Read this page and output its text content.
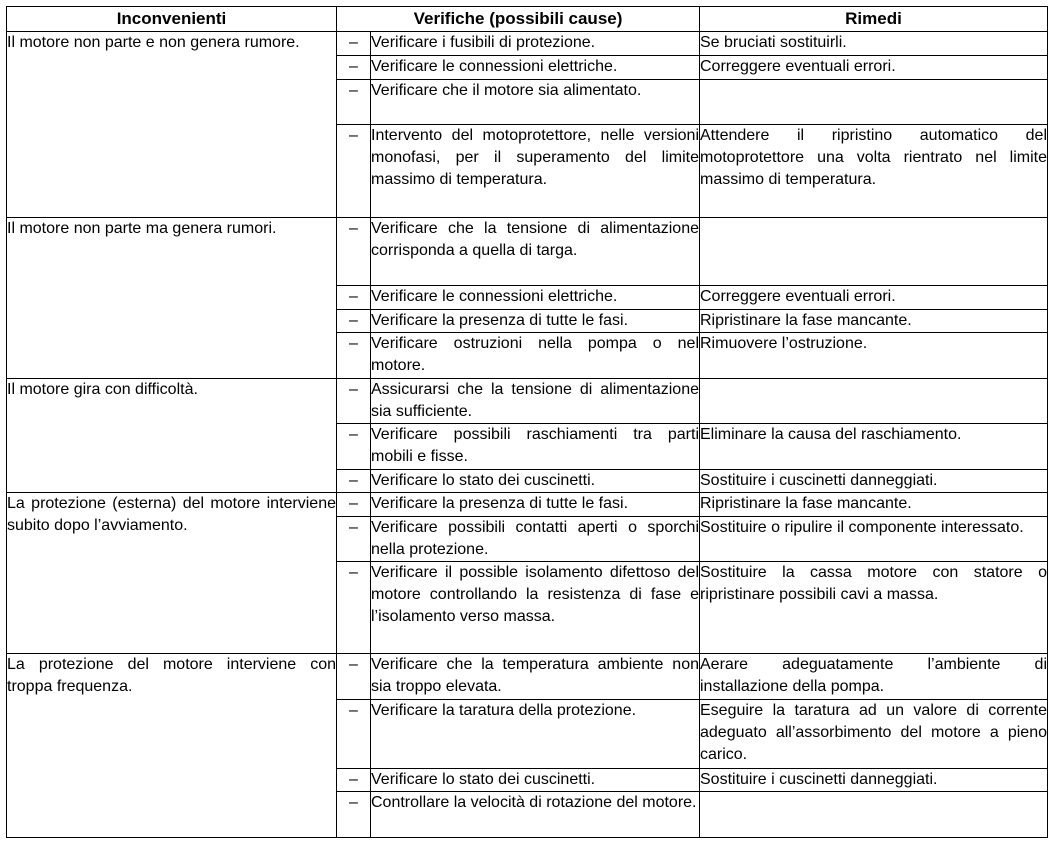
Inconvenienti	Verifiche (possibili cause)		Rimedi
Il motore non parte e non genera rumore.	–	Verificare i fusibili di protezione.	Se bruciati sostituirli.
	–	Verificare le connessioni elettriche.	Correggere eventuali errori.
	–	Verificare che il motore sia alimentato.	
	–	Intervento del motoprotettore, nelle versioni monofasi, per il superamento del limite massimo di temperatura.	Attendere il ripristino automatico del motoprotettore una volta rientrato nel limite massimo di temperatura.
Il motore non parte ma genera rumori.	–	Verificare che la tensione di alimentazione corrisponda a quella di targa.	
	–	Verificare le connessioni elettriche.	Correggere eventuali errori.
	–	Verificare la presenza di tutte le fasi.	Ripristinare la fase mancante.
	–	Verificare ostruzioni nella pompa o nel motore.	Rimuovere l’ostruzione.
Il motore gira con difficoltà.	–	Assicurarsi che la tensione di alimentazione sia sufficiente.	
	–	Verificare possibili raschiamenti tra parti mobili e fisse.	Eliminare la causa del raschiamento.
	–	Verificare lo stato dei cuscinetti.	Sostituire i cuscinetti danneggiati.
La protezione (esterna) del motore interviene subito dopo l’avviamento.	–	Verificare la presenza di tutte le fasi.	Ripristinare la fase mancante.
	–	Verificare possibili contatti aperti o sporchi nella protezione.	Sostituire o ripulire il componente interessato.
	–	Verificare il possible isolamento difettoso del motore controllando la resistenza di fase e l’isolamento verso massa.	Sostituire la cassa motore con statore o ripristinare possibili cavi a massa.
La protezione del motore interviene con troppa frequenza.	–	Verificare che la temperatura ambiente non sia troppo elevata.	Aerare adeguatamente l’ambiente di installazione della pompa.
	–	Verificare la taratura della protezione.	Eseguire la taratura ad un valore di corrente adeguato all’assorbimento del motore a pieno carico.
	–	Verificare lo stato dei cuscinetti.	Sostituire i cuscinetti danneggiati.
	–	Controllare la velocità di rotazione del motore.	
